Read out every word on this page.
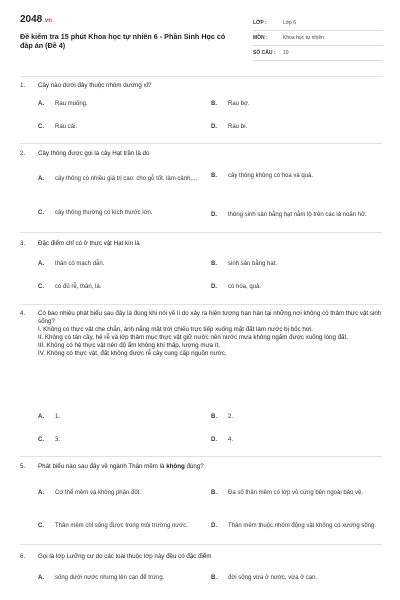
2048.vn
Đề kiểm tra 15 phút Khoa học tự nhiên 6 - Phần Sinh Học có đáp án (Đề 4)
LỚP :	Lớp 6
MÔN :	Khoa học tự nhiên
SỐ CÂU :	10
1.	Cây nào dưới đây thuộc nhóm dương xỉ?
A.	Rau muống.	B.	Rau bợ.
C.	Rau cải.	D.	Rau bí.
2.	Cây thông được gọi là cây Hạt trần là do
A.	cây thông có nhiều giá trị cao: cho gỗ tốt, làm cảnh,...	B.	cây thông không có hoa và quả.
C.	cây thông thường có kích thước lớn.	D.	thông sinh sản bằng hạt nằm lộ trên các lá noãn hở.
3.	Đặc điểm chỉ có ở thực vật Hạt kín là
A.	thân có mạch dẫn.	B.	sinh sản bằng hạt.
C.	có đủ rễ, thân, lá.	D.	có hoa, quả.
4.	Có bao nhiêu phát biểu sau đây là đúng khi nói về lí do xảy ra hiện tượng hạn hán tại những nơi không có thảm thực vật sinh sống?
I. Không có thực vật che chắn, ánh nắng mặt trời chiếu trực tiếp xuống mặt đất làm nước bị bốc hơi.
II. Không có tán cây, hệ rễ và lớp thảm mục thực vật giữ nước nên nước mưa không ngấm được xuống lòng đất.
III. Không có hệ thực vật nên độ ẩm không khí thấp, lượng mưa ít.
IV. Không có thực vật, đất không được rễ cây cung cấp nguồn nước.
A.	1.	B.	2.
C.	3.	D.	4.
5.	Phát biểu nào sau đây về ngành Thân mềm là không đúng?
A.	Cơ thể mềm và không phân đốt.	B.	Đa số thân mềm có lớp vỏ cứng bên ngoài bảo vệ.
C.	Thân mềm chỉ sống được trong môi trường nước.	D.	Thân mềm thuộc nhóm động vật không có xương sống.
6.	Gọi là lớp Lưỡng cư do các loài thuộc lớp này đều có đặc điểm
A.	sống dưới nước nhưng lên cạn để trứng.	B.	đời sống vừa ở nước, vừa ở cạn.
